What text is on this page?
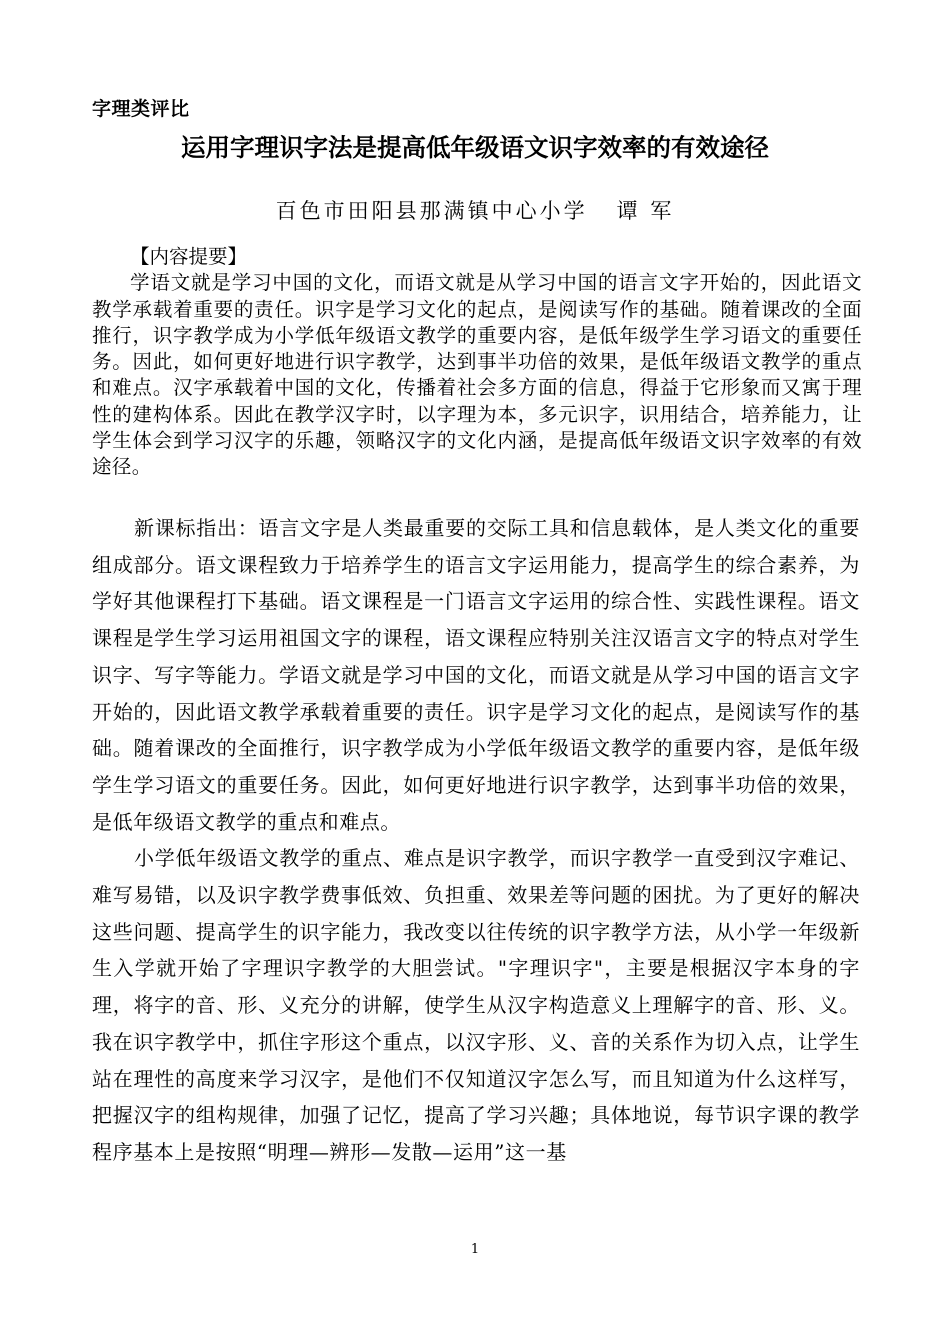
字理类评比
运用字理识字法是提高低年级语文识字效率的有效途径
百色市田阳县那满镇中心小学   谭 军
【内容提要】
学语文就是学习中国的文化，而语文就是从学习中国的语言文字开始的，因此语文教学承载着重要的责任。识字是学习文化的起点，是阅读写作的基础。随着课改的全面推行，识字教学成为小学低年级语文教学的重要内容，是低年级学生学习语文的重要任务。因此，如何更好地进行识字教学，达到事半功倍的效果，是低年级语文教学的重点和难点。汉字承载着中国的文化，传播着社会多方面的信息，得益于它形象而又寓于理性的建构体系。因此在教学汉字时，以字理为本，多元识字，识用结合，培养能力，让学生体会到学习汉字的乐趣，领略汉字的文化内涵，是提高低年级语文识字效率的有效途径。

新课标指出：语言文字是人类最重要的交际工具和信息载体，是人类文化的重要组成部分。语文课程致力于培养学生的语言文字运用能力，提高学生的综合素养，为学好其他课程打下基础。语文课程是一门语言文字运用的综合性、实践性课程。语文课程是学生学习运用祖国文字的课程，语文课程应特别关注汉语言文字的特点对学生识字、写字等能力。学语文就是学习中国的文化，而语文就是从学习中国的语言文字开始的，因此语文教学承载着重要的责任。识字是学习文化的起点，是阅读写作的基础。随着课改的全面推行，识字教学成为小学低年级语文教学的重要内容，是低年级学生学习语文的重要任务。因此，如何更好地进行识字教学，达到事半功倍的效果，是低年级语文教学的重点和难点。

小学低年级语文教学的重点、难点是识字教学，而识字教学一直受到汉字难记、难写易错，以及识字教学费事低效、负担重、效果差等问题的困扰。为了更好的解决这些问题、提高学生的识字能力，我改变以往传统的识字教学方法，从小学一年级新生入学就开始了字理识字教学的大胆尝试。"字理识字"，主要是根据汉字本身的字理，将字的音、形、义充分的讲解，使学生从汉字构造意义上理解字的音、形、义。我在识字教学中，抓住字形这个重点，以汉字形、义、音的关系作为切入点，让学生站在理性的高度来学习汉字，是他们不仅知道汉字怎么写，而且知道为什么这样写，把握汉字的组构规律，加强了记忆，提高了学习兴趣；具体地说，每节识字课的教学程序基本上是按照“明理—辨形—发散—运用”这一基

1
